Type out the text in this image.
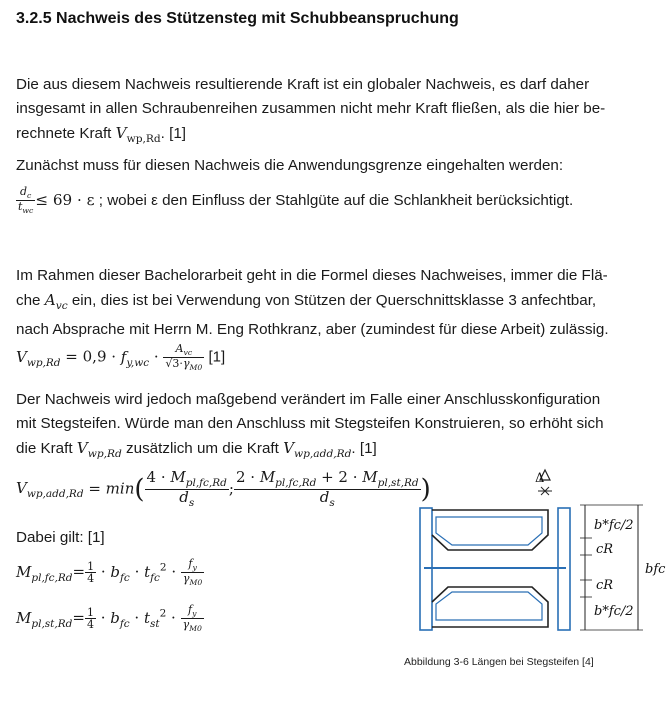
3.2.5 Nachweis des Stützensteg mit Schubbeanspruchung
Die aus diesem Nachweis resultierende Kraft ist ein globaler Nachweis, es darf daher
insgesamt in allen Schraubenreihen zusammen nicht mehr Kraft fließen, als die hier be-
rechnete Kraft $V_{wp,Rd}$. [1]
Zunächst muss für diesen Nachweis die Anwendungsgrenze eingehalten werden:
$\frac{d_c}{t_{wc}} \le 69 \cdot \varepsilon$ ; wobei ε den Einfluss der Stahlgüte auf die Schlankheit berücksichtigt.
Im Rahmen dieser Bachelorarbeit geht in die Formel dieses Nachweises, immer die Flä-
che $A_{vc}$ ein, dies ist bei Verwendung von Stützen der Querschnittsklasse 3 anfechtbar,
nach Absprache mit Herrn M. Eng Rothkranz, aber (zumindest für diese Arbeit) zulässig.
$V_{wp,Rd} = 0,9 \cdot f_{y,wc} \cdot \frac{A_{vc}}{√3\cdot\gamma_{M0}} [1]$
Der Nachweis wird jedoch maßgebend verändert im Falle einer Anschlusskonfiguration
mit Stegsteifen. Würde man den Anschluss mit Stegsteifen Konstruieren, so erhöht sich
die Kraft $V_{wp,Rd}$ zusätzlich um die Kraft $V_{wp,add,Rd}$. [1]
$V_{wp,add,Rd} = \min( \frac{4 \cdot M_{pl,fc,Rd}}{d_s}$ ; $\frac{2 \cdot M_{pl,fc,Rd} + 2 \cdot M_{pl,st,Rd}}{d_s}$ )
Dabei gilt: [1]
$M_{pl,fc,Rd}= \frac{1}{4} \cdot b_{fc} \cdot t_{fc}^2 \cdot \frac{f_y}{\gamma_{M0}}$
$M_{pl,st,Rd}= \frac{1}{4} \cdot b_{fc} \cdot t_{st}^2 \cdot \frac{f_y}{\gamma_{M0}}$
Δ
b*fc/2
cR
cR
b*fc/2
bfc
Abbildung 3-6 Längen bei Stegsteifen [4]
